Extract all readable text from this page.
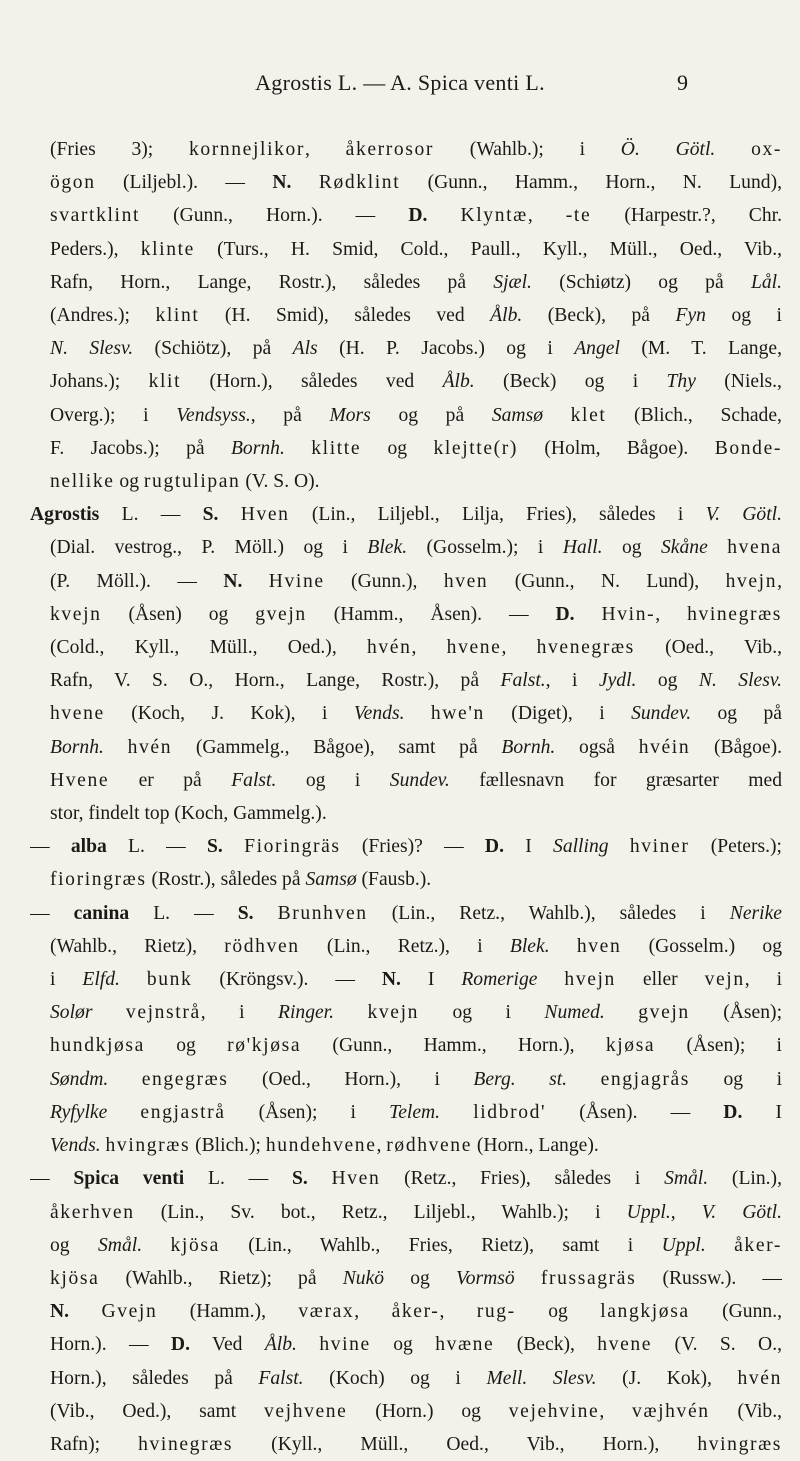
Agrostis L. — A. Spica venti L.	9
(Fries 3); kornnejlikor, åkerrosor (Wahlb.); i Ö. Götl. ox-
ögon (Liljebl.). — N. Rødklint (Gunn., Hamm., Horn., N. Lund),
svartklint (Gunn., Horn.). — D. Klyntæ, -te (Harpestr.?, Chr.
Peders.), klinte (Turs., H. Smid, Cold., Paull., Kyll., Müll., Oed., Vib.,
Rafn, Horn., Lange, Rostr.), således på Sjæl. (Schiøtz) og på Lål.
(Andres.); klint (H. Smid), således ved Ålb. (Beck), på Fyn og i
N. Slesv. (Schiötz), på Als (H. P. Jacobs.) og i Angel (M. T. Lange,
Johans.); klit (Horn.), således ved Ålb. (Beck) og i Thy (Niels.,
Overg.); i Vendsyss., på Mors og på Samsø klet (Blich., Schade,
F. Jacobs.); på Bornh. klitte og klejtte(r) (Holm, Bågoe). Bonde-
nellike og rugtulipan (V. S. O).
Agrostis L. — S. Hven (Lin., Liljebl., Lilja, Fries), således i V. Götl.
(Dial. vestrog., P. Möll.) og i Blek. (Gosselm.); i Hall. og Skåne hvena
(P. Möll.). — N. Hvine (Gunn.), hven (Gunn., N. Lund), hvejn,
kvejn (Åsen) og gvejn (Hamm., Åsen). — D. Hvin-, hvinegræs
(Cold., Kyll., Müll., Oed.), hvén, hvene, hvenegræs (Oed., Vib.,
Rafn, V. S. O., Horn., Lange, Rostr.), på Falst., i Jydl. og N. Slesv.
hvene (Koch, J. Kok), i Vends. hwe'n (Diget), i Sundev. og på
Bornh. hvén (Gammelg., Bågoe), samt på Bornh. også hvéin (Bågoe).
Hvene er på Falst. og i Sundev. fællesnavn for græsarter med
stor, findelt top (Koch, Gammelg.).
— alba L. — S. Fioringräs (Fries)? — D. I Salling hviner (Peters.);
fioringræs (Rostr.), således på Samsø (Fausb.).
— canina L. — S. Brunhven (Lin., Retz., Wahlb.), således i Nerike
(Wahlb., Rietz), rödhven (Lin., Retz.), i Blek. hven (Gosselm.) og
i Elfd. bunk (Kröngsv.). — N. I Romerige hvejn eller vejn, i
Solør vejnstrå, i Ringer. kvejn og i Numed. gvejn (Åsen);
hundkjøsa og rø'kjøsa (Gunn., Hamm., Horn.), kjøsa (Åsen); i
Søndm. engegræs (Oed., Horn.), i Berg. st. engjagrås og i
Ryfylke engjastrå (Åsen); i Telem. lidbrod' (Åsen). — D. I
Vends. hvingræs (Blich.); hundehvene, rødhvene (Horn., Lange).
— Spica venti L. — S. Hven (Retz., Fries), således i Smål. (Lin.),
åkerhven (Lin., Sv. bot., Retz., Liljebl., Wahlb.); i Uppl., V. Götl.
og Smål. kjösa (Lin., Wahlb., Fries, Rietz), samt i Uppl. åker-
kjösa (Wahlb., Rietz); på Nukö og Vormsö frussagräs (Russw.). —
N. Gvejn (Hamm.), værax, åker-, rug- og langkjøsa (Gunn.,
Horn.). — D. Ved Ålb. hvine og hvæne (Beck), hvene (V. S. O.,
Horn.), således på Falst. (Koch) og i Mell. Slesv. (J. Kok), hvén
(Vib., Oed.), samt vejhvene (Horn.) og vejehvine, væjhvén (Vib.,
Rafn); hvinegræs (Kyll., Müll., Oed., Vib., Horn.), hvingræs
